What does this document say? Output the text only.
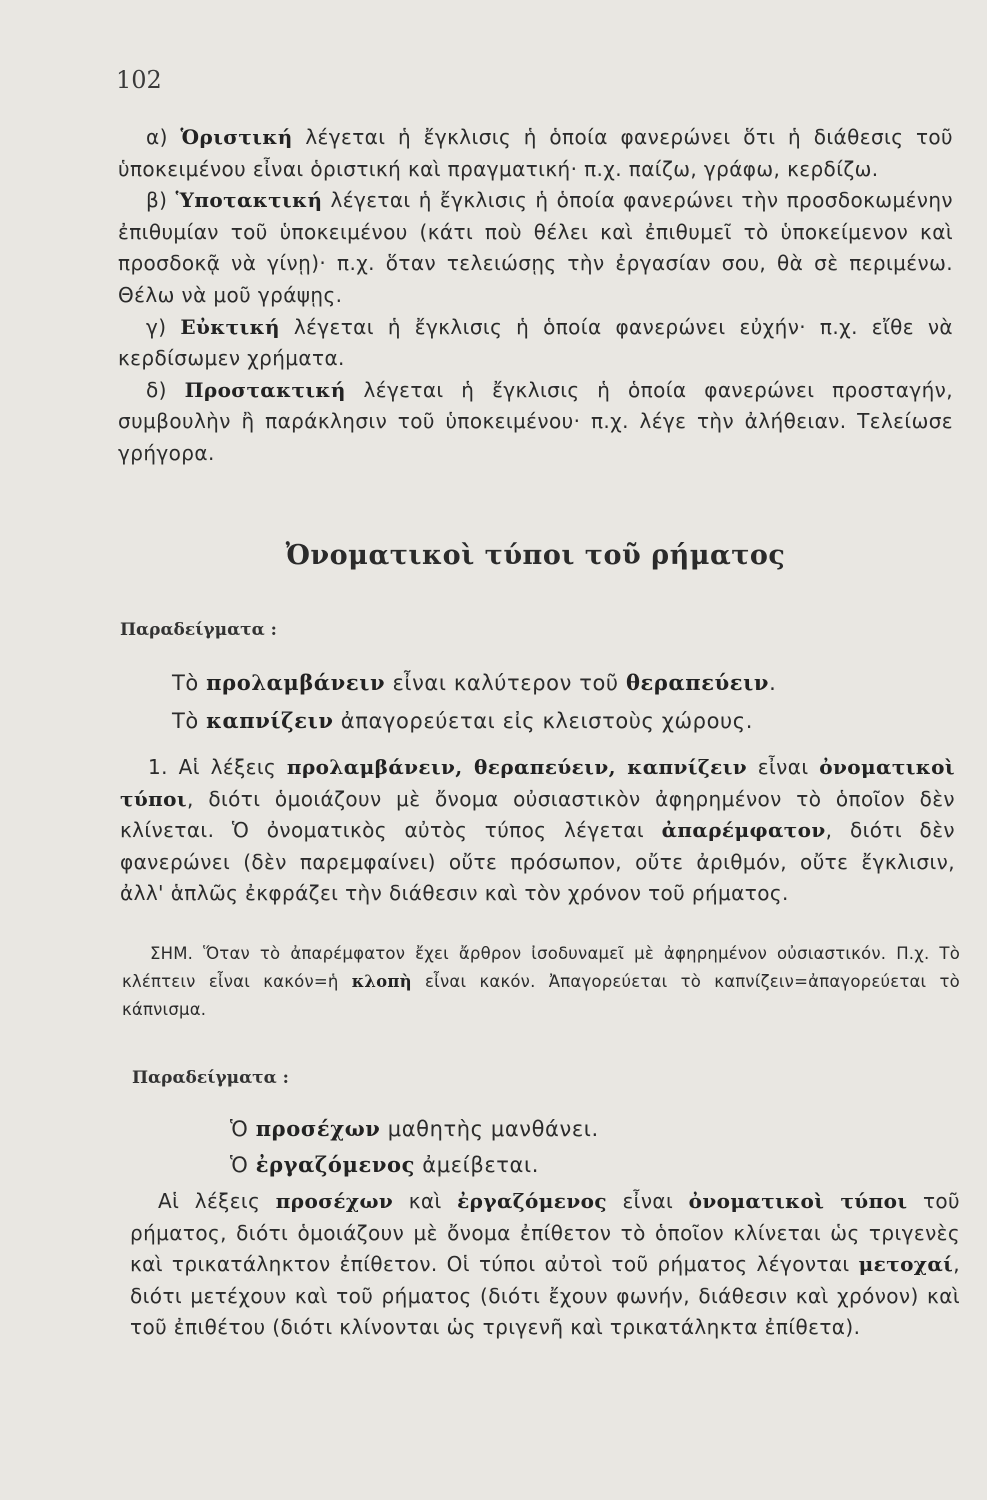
102

α) Ὁριστική λέγεται ἡ ἔγκλισις ἡ ὁποία φανερώνει ὅτι ἡ διάθεσις τοῦ ὑποκειμένου εἶναι ὁριστική καὶ πραγματική· π.χ. παίζω, γράφω, κερδίζω.

β) Ὑποτακτική λέγεται ἡ ἔγκλισις ἡ ὁποία φανερώνει τὴν προσδοκωμένην ἐπιθυμίαν τοῦ ὑποκειμένου (κάτι ποὺ θέλει καὶ ἐπιθυμεῖ τὸ ὑποκείμενον καὶ προσδοκᾷ νὰ γίνῃ)· π.χ. ὅταν τελειώσῃς τὴν ἐργασίαν σου, θὰ σὲ περιμένω. Θέλω νὰ μοῦ γράψῃς.

γ) Εὐκτική λέγεται ἡ ἔγκλισις ἡ ὁποία φανερώνει εὐχήν· π.χ. εἴθε νὰ κερδίσωμεν χρήματα.

δ) Προστακτική λέγεται ἡ ἔγκλισις ἡ ὁποία φανερώνει προσταγήν, συμβουλὴν ἢ παράκλησιν τοῦ ὑποκειμένου· π.χ. λέγε τὴν ἀλήθειαν. Τελείωσε γρήγορα.

Ὀνοματικοὶ τύποι τοῦ ρήματος
Παραδείγματα :
Τὸ προλαμβάνειν εἶναι καλύτερον τοῦ θεραπεύειν.
Τὸ καπνίζειν ἀπαγορεύεται εἰς κλειστοὺς χώρους.

1. Αἱ λέξεις προλαμβάνειν, θεραπεύειν, καπνίζειν εἶναι ὀνοματικοὶ τύποι, διότι ὁμοιάζουν μὲ ὄνομα οὐσιαστικὸν ἀφηρημένον τὸ ὁποῖον δὲν κλίνεται. Ὁ ὀνοματικὸς αὐτὸς τύπος λέγεται ἀπαρέμφατον, διότι δὲν φανερώνει (δὲν παρεμφαίνει) οὔτε πρόσωπον, οὔτε ἀριθμόν, οὔτε ἔγκλισιν, ἀλλ' ἁπλῶς ἐκφράζει τὴν διάθεσιν καὶ τὸν χρόνον τοῦ ρήματος.

ΣΗΜ. Ὅταν τὸ ἀπαρέμφατον ἔχει ἄρθρον ἰσοδυναμεῖ μὲ ἀφηρημένον οὐσιαστικόν. Π.χ. Τὸ κλέπτειν εἶναι κακόν=ἡ κλοπὴ εἶναι κακόν. Ἀπαγορεύεται τὸ καπνίζειν=ἀπαγορεύεται τὸ κάπνισμα.

Παραδείγματα :
Ὁ προσέχων μαθητὴς μανθάνει.
Ὁ ἐργαζόμενος ἀμείβεται.

Αἱ λέξεις προσέχων καὶ ἐργαζόμενος εἶναι ὀνοματικοὶ τύποι τοῦ ρήματος, διότι ὁμοιάζουν μὲ ὄνομα ἐπίθετον τὸ ὁποῖον κλίνεται ὡς τριγενὲς καὶ τρικατάληκτον ἐπίθετον. Οἱ τύποι αὐτοὶ τοῦ ρήματος λέγονται μετοχαί, διότι μετέχουν καὶ τοῦ ρήματος (διότι ἔχουν φωνήν, διάθεσιν καὶ χρόνον) καὶ τοῦ ἐπιθέτου (διότι κλίνονται ὡς τριγενῆ καὶ τρικατάληκτα ἐπίθετα).
